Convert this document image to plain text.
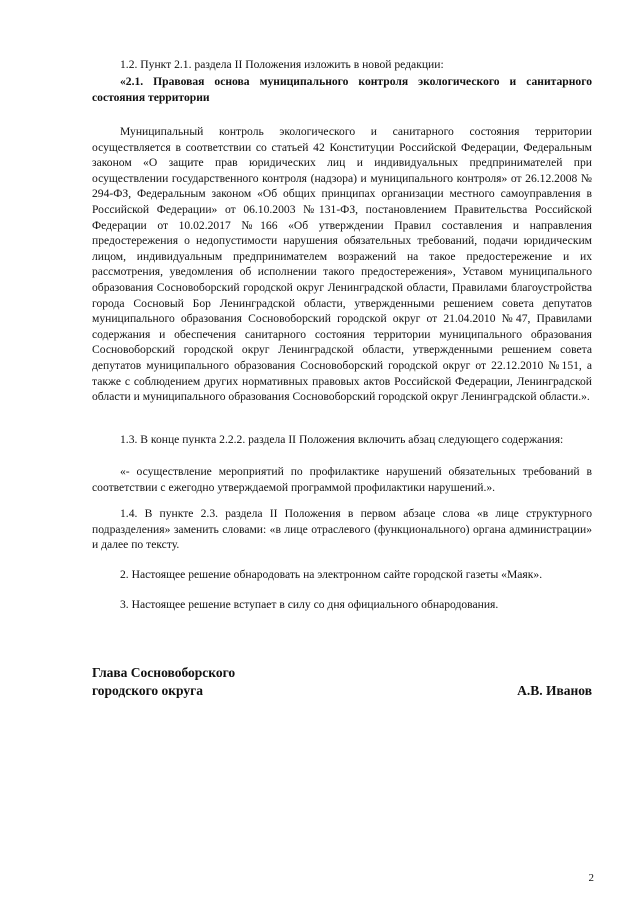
1.2. Пункт 2.1. раздела II Положения изложить в новой редакции:

«2.1. Правовая основа муниципального контроля экологического и санитарного состояния территории

Муниципальный контроль экологического и санитарного состояния территории осуществляется в соответствии со статьей 42 Конституции Российской Федерации, Федеральным законом «О защите прав юридических лиц и индивидуальных предпринимателей при осуществлении государственного контроля (надзора) и муниципального контроля» от 26.12.2008 № 294-ФЗ, Федеральным законом «Об общих принципах организации местного самоуправления в Российской Федерации» от 06.10.2003 №131-ФЗ, постановлением Правительства Российской Федерации от 10.02.2017 №166 «Об утверждении Правил составления и направления предостережения о недопустимости нарушения обязательных требований, подачи юридическим лицом, индивидуальным предпринимателем возражений на такое предостережение и их рассмотрения, уведомления об исполнении такого предостережения», Уставом муниципального образования Сосновоборский городской округ Ленинградской области, Правилами благоустройства города Сосновый Бор Ленинградской области, утвержденными решением совета депутатов муниципального образования Сосновоборский городской округ от 21.04.2010 №47, Правилами содержания и обеспечения санитарного состояния территории муниципального образования Сосновоборский городской округ Ленинградской области, утвержденными решением совета депутатов муниципального образования Сосновоборский городской округ от 22.12.2010 №151, а также с соблюдением других нормативных правовых актов Российской Федерации, Ленинградской области и муниципального образования Сосновоборский городской округ Ленинградской области.».

1.3. В конце пункта 2.2.2. раздела II Положения включить абзац следующего содержания:

«- осуществление мероприятий по профилактике нарушений обязательных требований в соответствии с ежегодно утверждаемой программой профилактики нарушений.».

1.4. В пункте 2.3. раздела II Положения в первом абзаце слова «в лице структурного подразделения» заменить словами: «в лице отраслевого (функционального) органа администрации» и далее по тексту.

2. Настоящее решение обнародовать на электронном сайте городской газеты «Маяк».

3. Настоящее решение вступает в силу со дня официального обнародования.

Глава Сосновоборского

городского округа	А.В. Иванов

2
